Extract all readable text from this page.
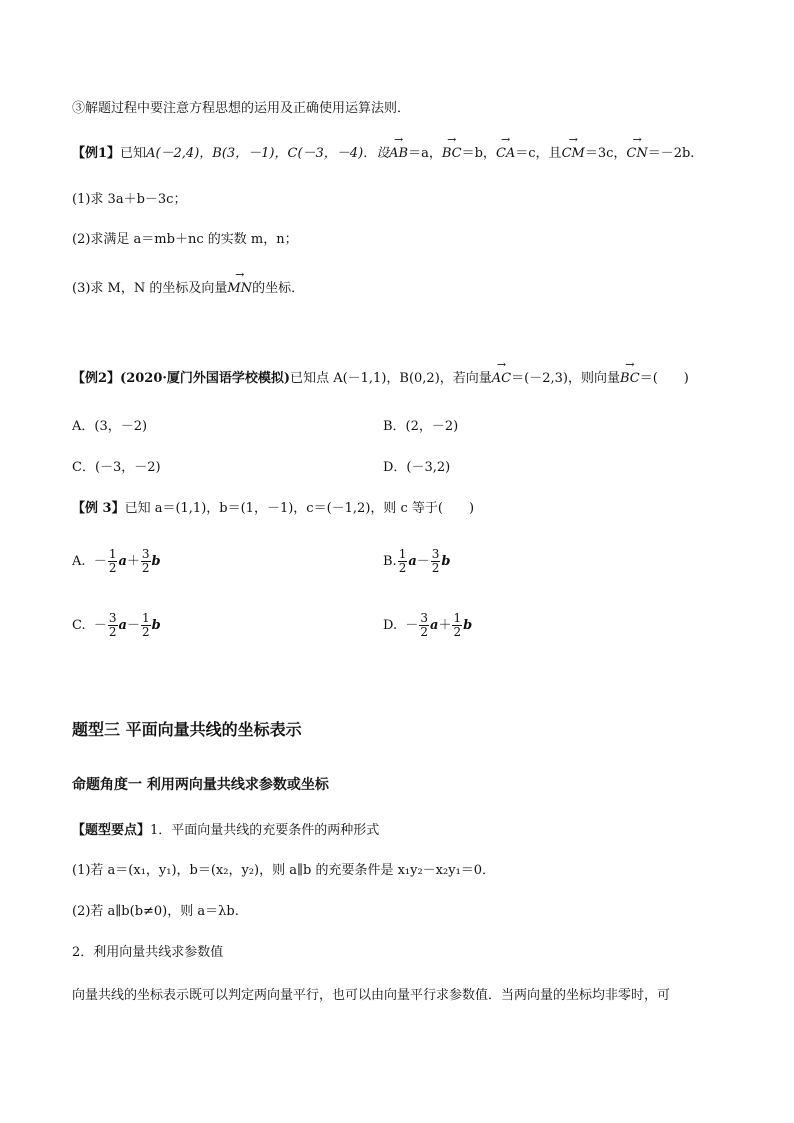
③解题过程中要注意方程思想的运用及正确使用运算法则．
【例1】已知A(－2,4)，B(3，－1)，C(－3，－4)．设→ AB＝a，→ BC＝b，→ CA＝c，且→ CM＝3c，→ CN＝－2b.
(1)求 3a＋b－3c；
(2)求满足 a＝mb＋nc 的实数 m，n；
(3)求 M，N 的坐标及向量→ MN的坐标．
【例2】(2020·厦门外国语学校模拟)已知点 A(－1,1)，B(0,2)，若向量→ AC＝(－2,3)，则向量→ BC＝(　　)
A．(3，－2)	B．(2，－2)
C．(－3，－2)	D．(－3,2)
【例 3】已知 a＝(1,1)，b＝(1，－1)，c＝(－1,2)，则 c 等于(　　)
A. － $\frac{1}{2} a+ \frac{3}{2}$ b	B. $\frac{1}{2} a- \frac{3}{2}$ b
C. － $\frac{3}{2} a- \frac{1}{2}$ b	D. － $\frac{3}{2} a+ \frac{1}{2}$ b
题型三 平面向量共线的坐标表示
命题角度一 利用两向量共线求参数或坐标
【题型要点】1．平面向量共线的充要条件的两种形式
(1)若 a＝(x₁，y₁)，b＝(x₂，y₂)，则 a∥b 的充要条件是 x₁y₂－x₂y₁＝0．
(2)若 a∥b(b≠0)，则 a＝λb.
2．利用向量共线求参数值
向量共线的坐标表示既可以判定两向量平行，也可以由向量平行求参数值．当两向量的坐标均非零时，可
